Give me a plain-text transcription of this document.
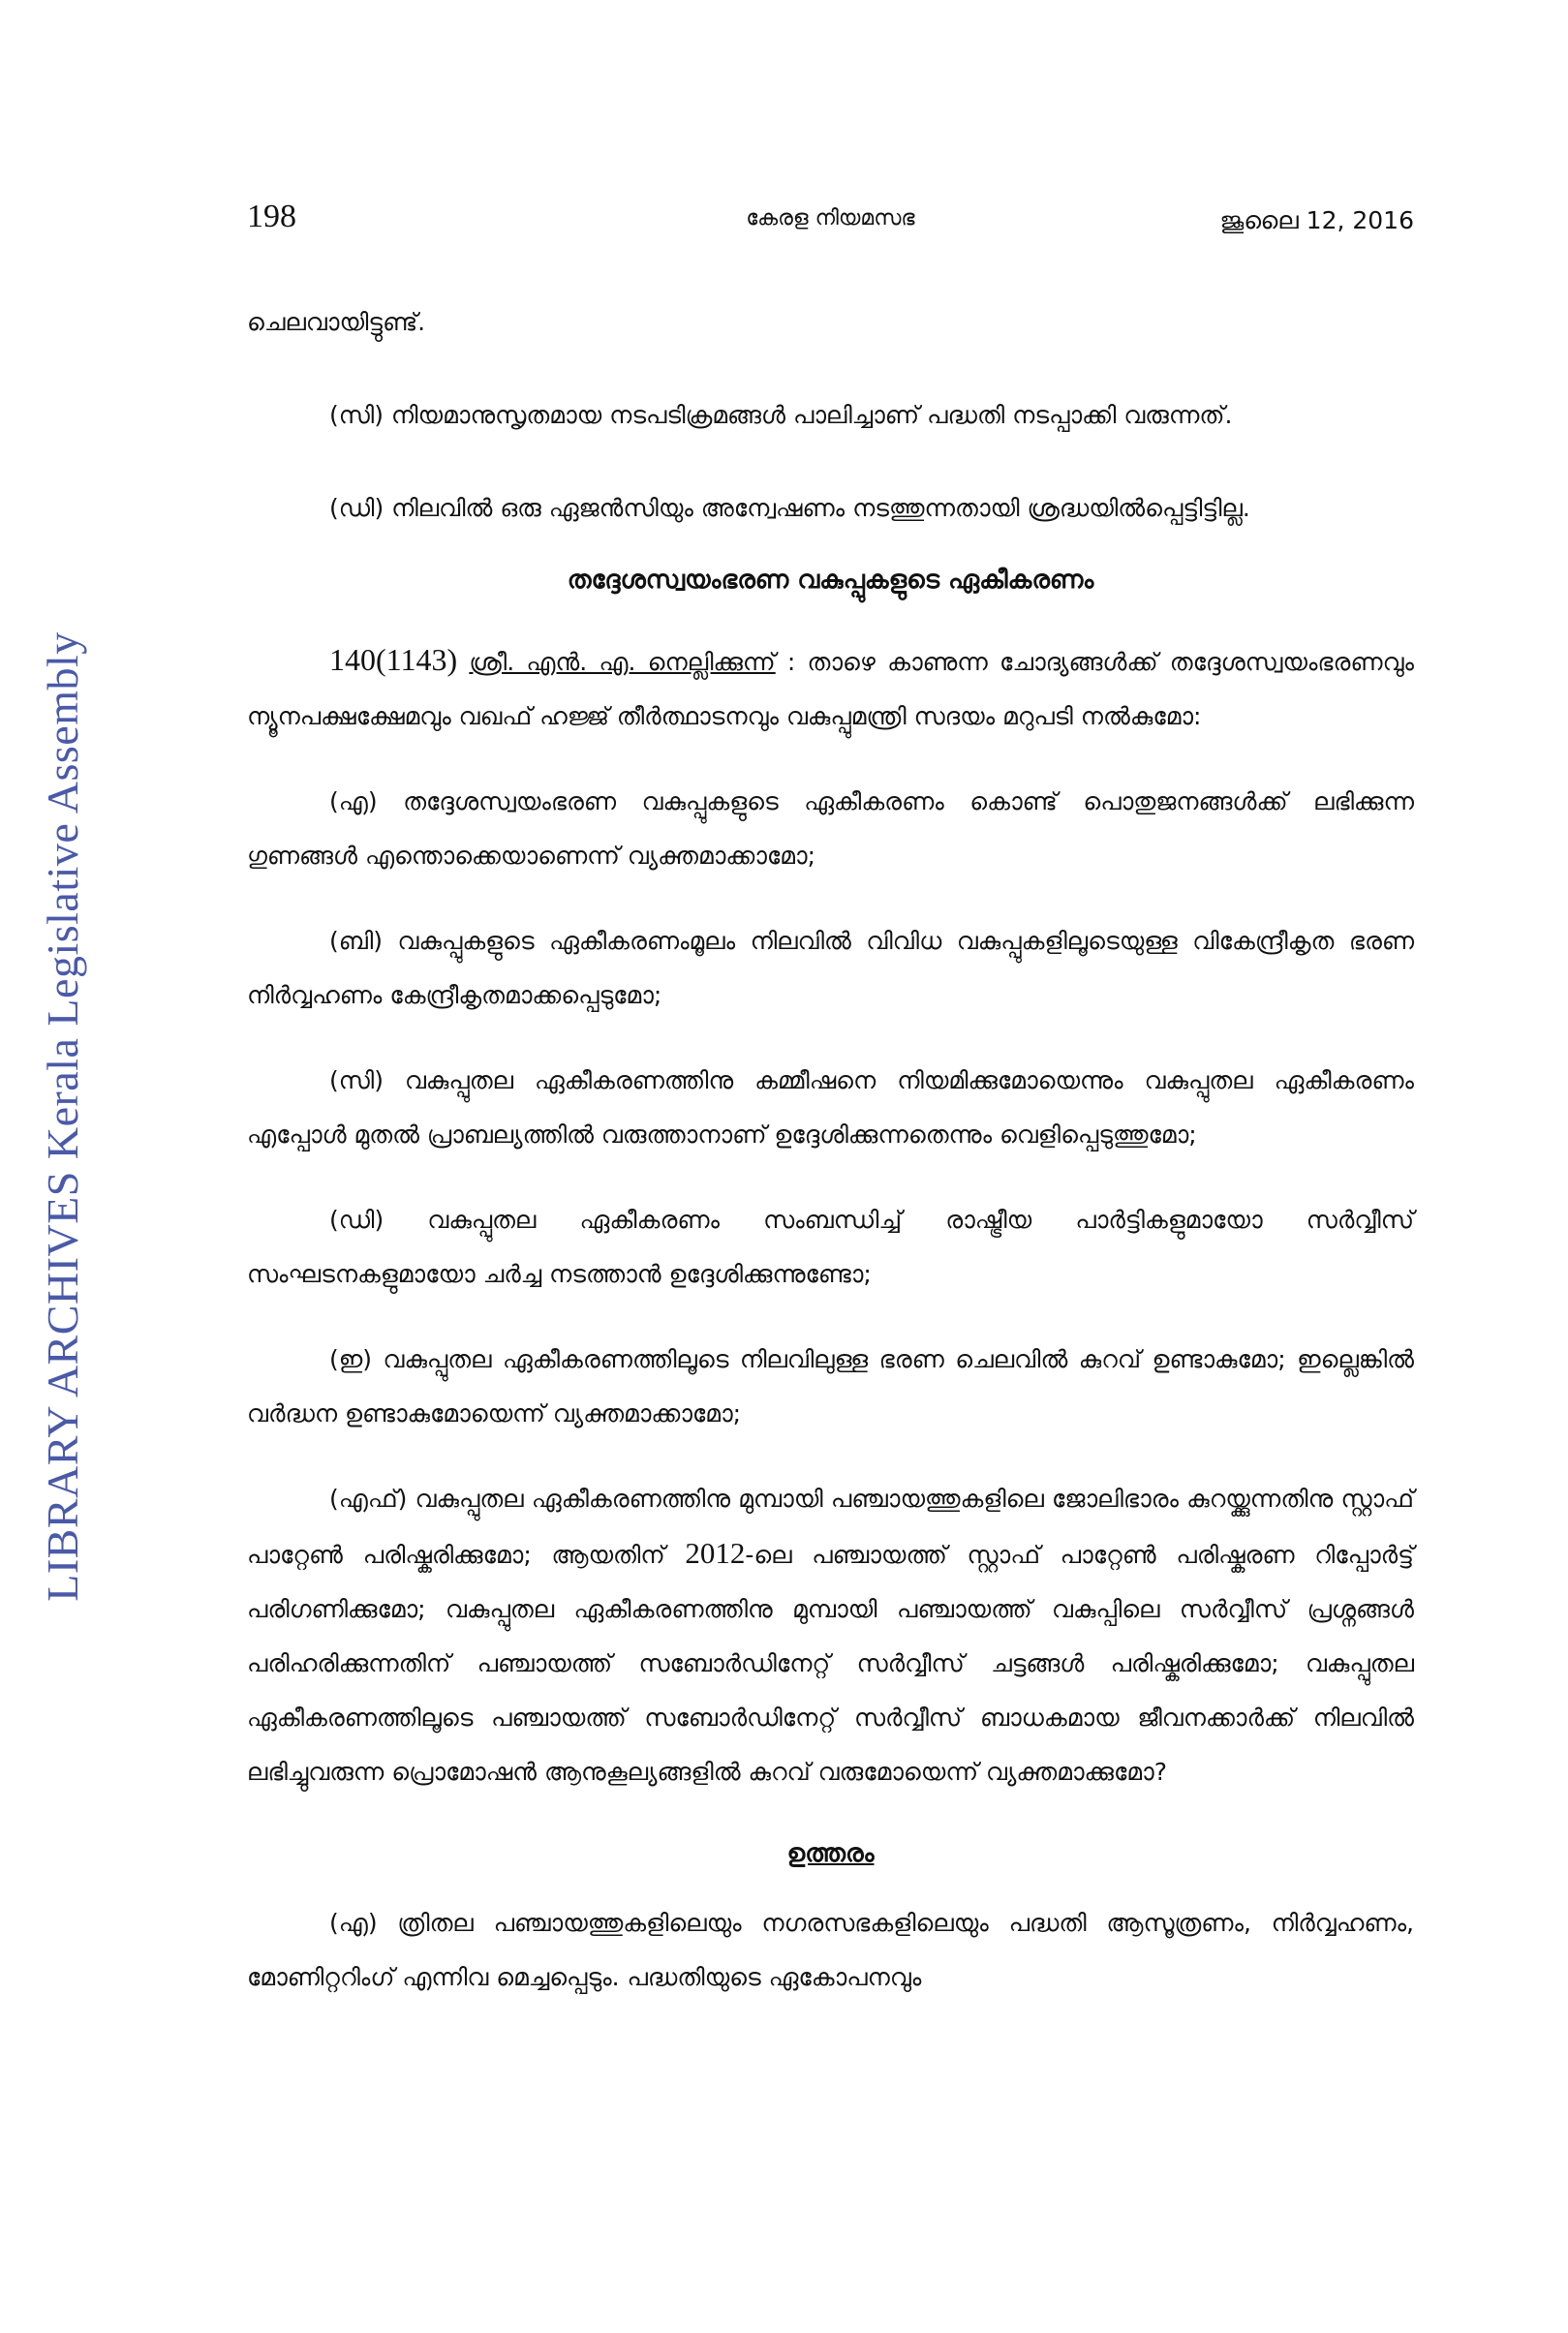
LIBRARY ARCHIVES Kerala Legislative Assembly
198	കേരള നിയമസഭ	ജൂലൈ 12, 2016

ചെലവായിട്ടുണ്ട്.

(സി) നിയമാനുസൃതമായ നടപടിക്രമങ്ങൾ പാലിച്ചാണ് പദ്ധതി നടപ്പാക്കി വരുന്നത്.

(ഡി) നിലവിൽ ഒരു ഏജൻസിയും അന്വേഷണം നടത്തുന്നതായി ശ്രദ്ധയിൽപ്പെട്ടിട്ടില്ല.

തദ്ദേശസ്വയംഭരണ വകുപ്പുകളുടെ ഏകീകരണം

140(1143) ശ്രീ. എൻ. എ. നെല്ലിക്കുന്ന് : താഴെ കാണുന്ന ചോദ്യങ്ങൾക്ക് തദ്ദേശസ്വയംഭരണവും ന്യൂനപക്ഷക്ഷേമവും വഖഫ് ഹജ്ജ് തീർത്ഥാടനവും വകുപ്പുമന്ത്രി സദയം മറുപടി നൽകുമോ:

(എ) തദ്ദേശസ്വയംഭരണ വകുപ്പുകളുടെ ഏകീകരണം കൊണ്ട് പൊതുജനങ്ങൾക്ക് ലഭിക്കുന്ന ഗുണങ്ങൾ എന്തൊക്കെയാണെന്ന് വ്യക്തമാക്കാമോ;

(ബി) വകുപ്പുകളുടെ ഏകീകരണംമൂലം നിലവിൽ വിവിധ വകുപ്പുകളിലൂടെയുള്ള വികേന്ദ്രീകൃത ഭരണ നിർവ്വഹണം കേന്ദ്രീകൃതമാക്കപ്പെടുമോ;

(സി) വകുപ്പുതല ഏകീകരണത്തിനു കമ്മീഷനെ നിയമിക്കുമോയെന്നും വകുപ്പുതല ഏകീകരണം എപ്പോൾ മുതൽ പ്രാബല്യത്തിൽ വരുത്താനാണ് ഉദ്ദേശിക്കുന്നതെന്നും വെളിപ്പെടുത്തുമോ;

(ഡി) വകുപ്പുതല ഏകീകരണം സംബന്ധിച്ച് രാഷ്ട്രീയ പാർട്ടികളുമായോ സർവ്വീസ് സംഘടനകളുമായോ ചർച്ച നടത്താൻ ഉദ്ദേശിക്കുന്നുണ്ടോ;

(ഇ) വകുപ്പുതല ഏകീകരണത്തിലൂടെ നിലവിലുള്ള ഭരണ ചെലവിൽ കുറവ് ഉണ്ടാകുമോ; ഇല്ലെങ്കിൽ വർദ്ധന ഉണ്ടാകുമോയെന്ന് വ്യക്തമാക്കാമോ;

(എഫ്) വകുപ്പുതല ഏകീകരണത്തിനു മുമ്പായി പഞ്ചായത്തുകളിലെ ജോലിഭാരം കുറയ്ക്കുന്നതിനു സ്റ്റാഫ് പാറ്റേൺ പരിഷ്കരിക്കുമോ; ആയതിന് 2012-ലെ പഞ്ചായത്ത് സ്റ്റാഫ് പാറ്റേൺ പരിഷ്കരണ റിപ്പോർട്ട് പരിഗണിക്കുമോ; വകുപ്പുതല ഏകീകരണത്തിനു മുമ്പായി പഞ്ചായത്ത് വകുപ്പിലെ സർവ്വീസ് പ്രശ്നങ്ങൾ പരിഹരിക്കുന്നതിന് പഞ്ചായത്ത് സബോർഡിനേറ്റ് സർവ്വീസ് ചട്ടങ്ങൾ പരിഷ്കരിക്കുമോ; വകുപ്പുതല ഏകീകരണത്തിലൂടെ പഞ്ചായത്ത് സബോർഡിനേറ്റ് സർവ്വീസ് ബാധകമായ ജീവനക്കാർക്ക് നിലവിൽ ലഭിച്ചുവരുന്ന പ്രൊമോഷൻ ആനുകൂല്യങ്ങളിൽ കുറവ് വരുമോയെന്ന് വ്യക്തമാക്കുമോ?

ഉത്തരം

(എ) ത്രിതല പഞ്ചായത്തുകളിലെയും നഗരസഭകളിലെയും പദ്ധതി ആസൂത്രണം, നിർവ്വഹണം, മോണിറ്ററിംഗ് എന്നിവ മെച്ചപ്പെടും. പദ്ധതിയുടെ ഏകോപനവും
